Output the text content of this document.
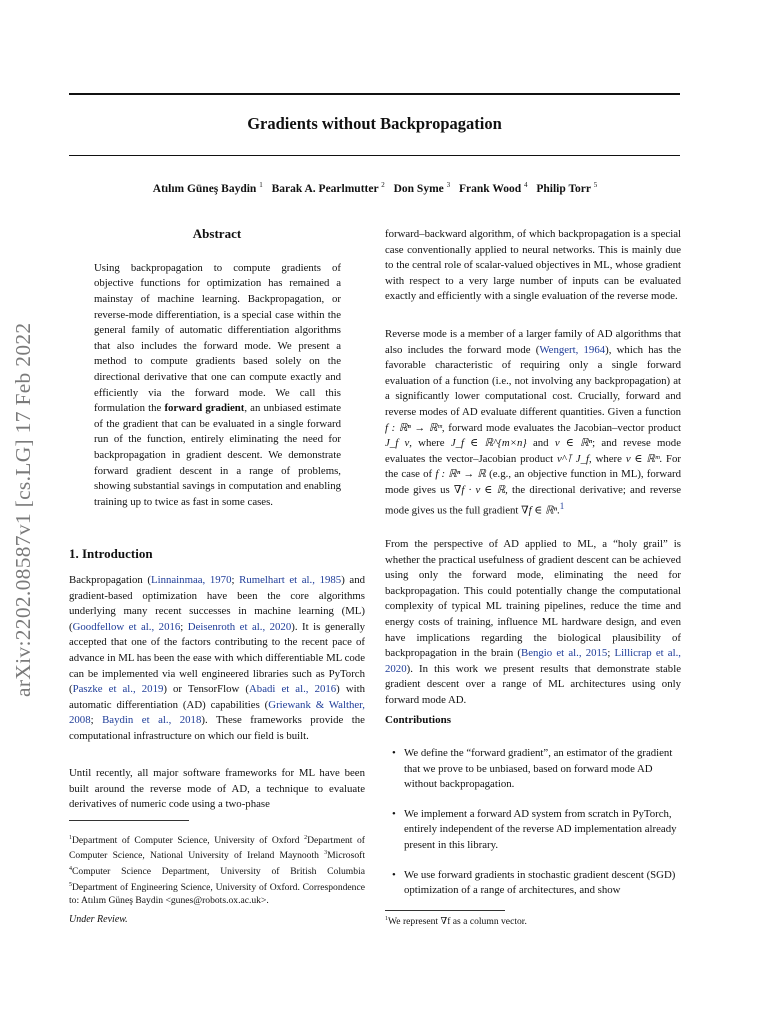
arXiv:2202.08587v1 [cs.LG] 17 Feb 2022
Gradients without Backpropagation
Atılım Güneş Baydin $^1$ Barak A. Pearlmutter $^2$ Don Syme $^3$ Frank Wood $^4$ Philip Torr $^5$
Abstract

Using backpropagation to compute gradients of objective functions for optimization has remained a mainstay of machine learning. Backpropagation, or reverse-mode differentiation, is a special case within the general family of automatic differentiation algorithms that also includes the forward mode. We present a method to compute gradients based solely on the directional derivative that one can compute exactly and efficiently via the forward mode. We call this formulation the forward gradient, an unbiased estimate of the gradient that can be evaluated in a single forward run of the function, entirely eliminating the need for backpropagation in gradient descent. We demonstrate forward gradient descent in a range of problems, showing substantial savings in computation and enabling training up to twice as fast in some cases.

1. Introduction

Backpropagation (Linnainmaa, 1970; Rumelhart et al., 1985) and gradient-based optimization have been the core algorithms underlying many recent successes in machine learning (ML) (Goodfellow et al., 2016; Deisenroth et al., 2020). It is generally accepted that one of the factors contributing to the recent pace of advance in ML has been the ease with which differentiable ML code can be implemented via well engineered libraries such as PyTorch (Paszke et al., 2019) or TensorFlow (Abadi et al., 2016) with automatic differentiation (AD) capabilities (Griewank & Walther, 2008; Baydin et al., 2018). These frameworks provide the computational infrastructure on which our field is built.

Until recently, all major software frameworks for ML have been built around the reverse mode of AD, a technique to evaluate derivatives of numeric code using a two-phase

$^1$Department of Computer Science, University of Oxford $^2$Department of Computer Science, National University of Ireland Maynooth $^3$Microsoft $^4$Computer Science Department, University of British Columbia $^5$Department of Engineering Science, University of Oxford. Correspondence to: Atılım Güneş Baydin <gunes@robots.ox.ac.uk>.

Under Review.

forward–backward algorithm, of which backpropagation is a special case conventionally applied to neural networks. This is mainly due to the central role of scalar-valued objectives in ML, whose gradient with respect to a very large number of inputs can be evaluated exactly and efficiently with a single evaluation of the reverse mode.

Reverse mode is a member of a larger family of AD algorithms that also includes the forward mode (Wengert, 1964), which has the favorable characteristic of requiring only a single forward evaluation of a function (i.e., not involving any backpropagation) at a significantly lower computational cost. Crucially, forward and reverse modes of AD evaluate different quantities. Given a function f : ℝⁿ → ℝᵐ, forward mode evaluates the Jacobian–vector product J_f v, where J_f ∈ ℝ^{m×n} and v ∈ ℝⁿ; and revese mode evaluates the vector–Jacobian product v^⊺ J_f, where v ∈ ℝᵐ. For the case of f : ℝⁿ → ℝ (e.g., an objective function in ML), forward mode gives us ∇f · v ∈ ℝ, the directional derivative; and reverse mode gives us the full gradient ∇f ∈ ℝⁿ.$^1$

From the perspective of AD applied to ML, a “holy grail” is whether the practical usefulness of gradient descent can be achieved using only the forward mode, eliminating the need for backpropagation. This could potentially change the computational complexity of typical ML training pipelines, reduce the time and energy costs of training, influence ML hardware design, and even have implications regarding the biological plausibility of backpropagation in the brain (Bengio et al., 2015; Lillicrap et al., 2020). In this work we present results that demonstrate stable gradient descent over a range of ML architectures using only forward mode AD.

Contributions
• We define the “forward gradient”, an estimator of the gradient that we prove to be unbiased, based on forward mode AD without backpropagation.
• We implement a forward AD system from scratch in PyTorch, entirely independent of the reverse AD implementation already present in this library.
• We use forward gradients in stochastic gradient descent (SGD) optimization of a range of architectures, and show
$^1$We represent ∇f as a column vector.
